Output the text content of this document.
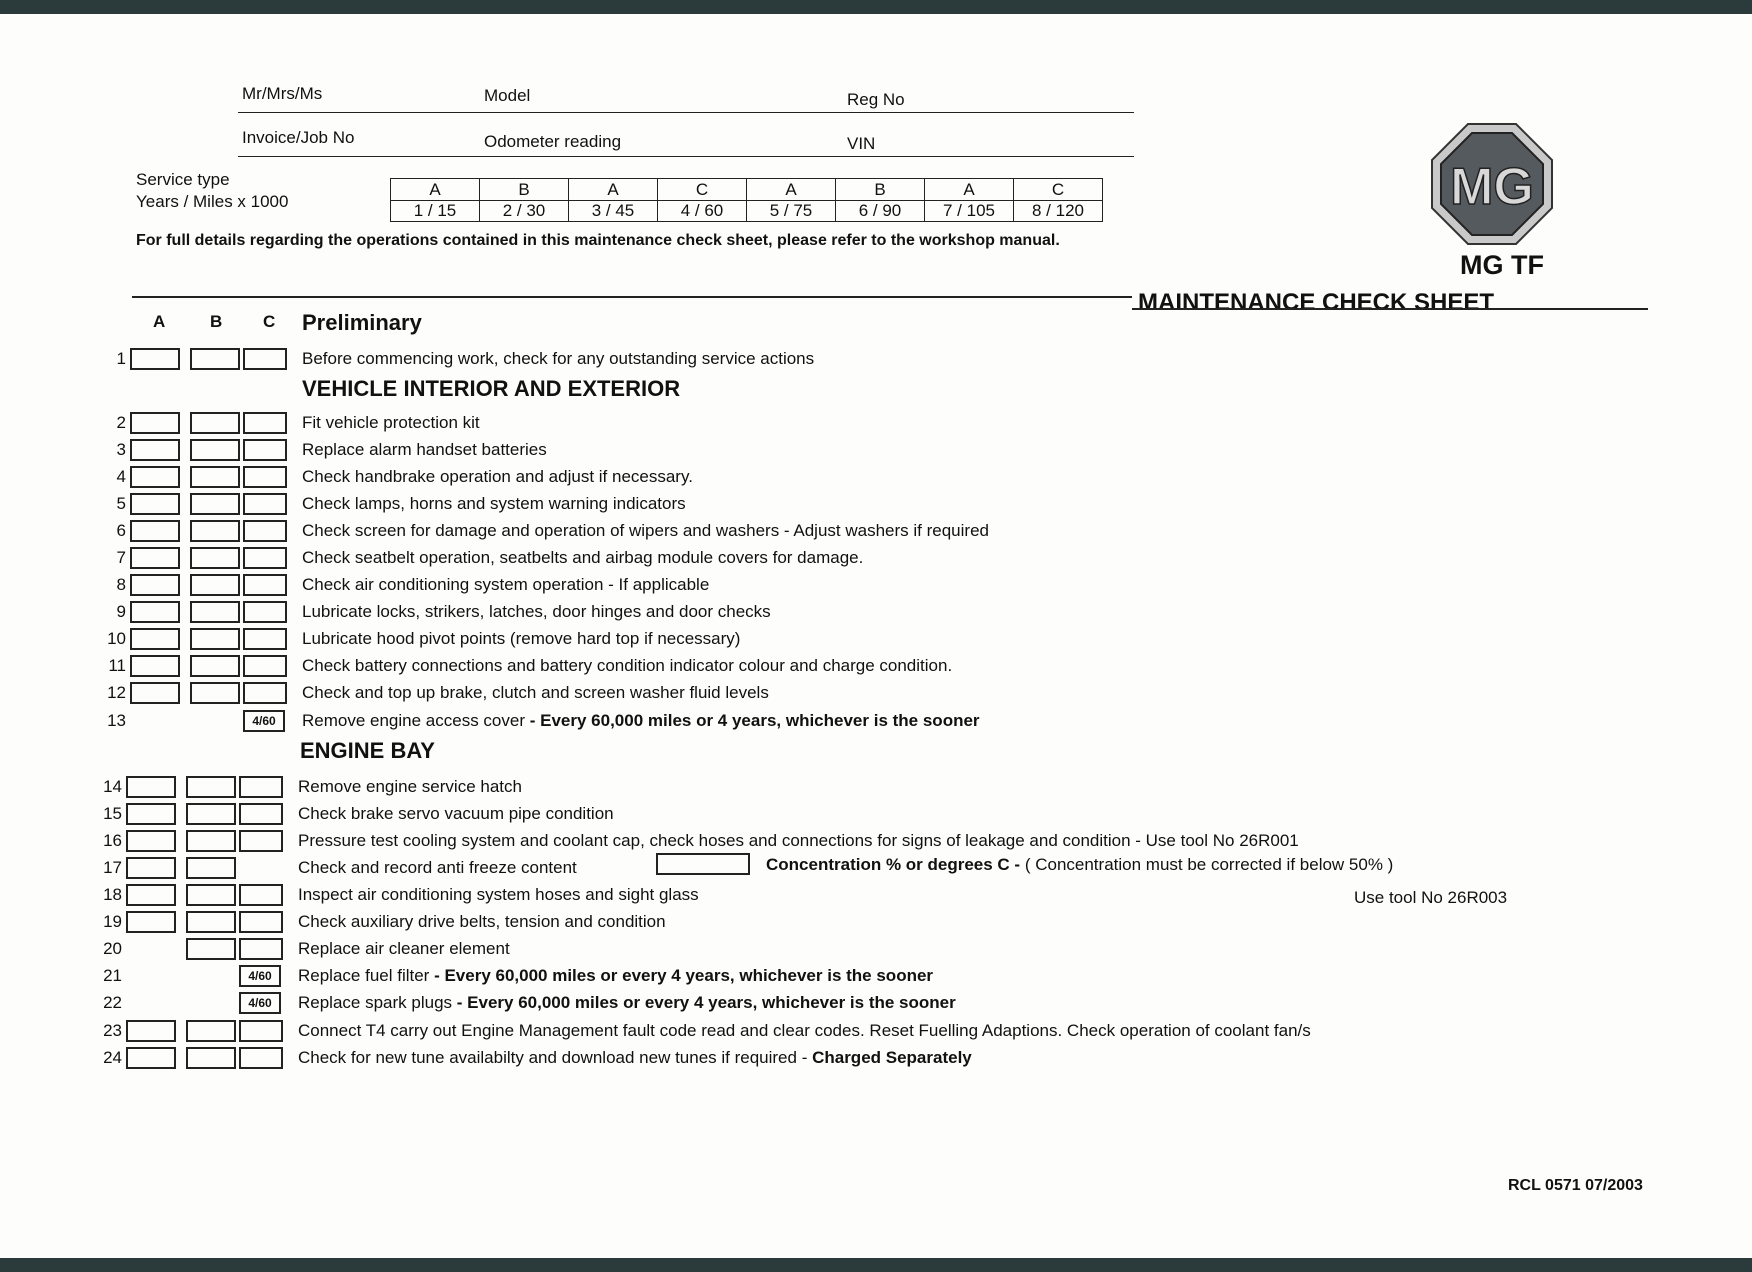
Mr/Mrs/Ms	Model	Reg No
Invoice/Job No	Odometer reading	VIN
Service type
Years / Miles x 1000
A	B	A	C	A	B	A	C
1 / 15	2 / 30	3 / 45	4 / 60	5 / 75	6 / 90	7 / 105	8 / 120
For full details regarding the operations contained in this maintenance check sheet, please refer to the workshop manual.
MG
MG TF
MAINTENANCE CHECK SHEET
A	B C Preliminary
VEHICLE INTERIOR AND EXTERIOR
ENGINE BAY
1	Before commencing work, check for any outstanding service actions
2	Fit vehicle protection kit
3	Replace alarm handset batteries
4	Check handbrake operation and adjust if necessary.
5	Check lamps, horns and system warning indicators
6	Check screen for damage and operation of wipers and washers - Adjust washers if required
7	Check seatbelt operation, seatbelts and airbag module covers for damage.
8	Check air conditioning system operation - If applicable
9	Lubricate locks, strikers, latches, door hinges and door checks
10	Lubricate hood pivot points (remove hard top if necessary)
11	Check battery connections and battery condition indicator colour and charge condition.
12	Check and top up brake, clutch and screen washer fluid levels
13	4/60	Remove engine access cover - Every 60,000 miles or 4 years, whichever is the sooner
14	Remove engine service hatch
15	Check brake servo vacuum pipe condition
16	Pressure test cooling system and coolant cap, check hoses and connections for signs of leakage and condition - Use tool No 26R001
17	Check and record anti freeze content
18	Inspect air conditioning system hoses and sight glass
19	Check auxiliary drive belts, tension and condition
20	Replace air cleaner element
21	4/60	Replace fuel filter - Every 60,000 miles or every 4 years, whichever is the sooner
22	4/60	Replace spark plugs - Every 60,000 miles or every 4 years, whichever is the sooner
23	Connect T4 carry out Engine Management fault code read and clear codes. Reset Fuelling Adaptions. Check operation of coolant fan/s
24	Check for new tune availabilty and download new tunes if required - Charged Separately
Concentration % or degrees C - ( Concentration must be corrected if below 50% )
Use tool No 26R003
RCL 0571 07/2003
